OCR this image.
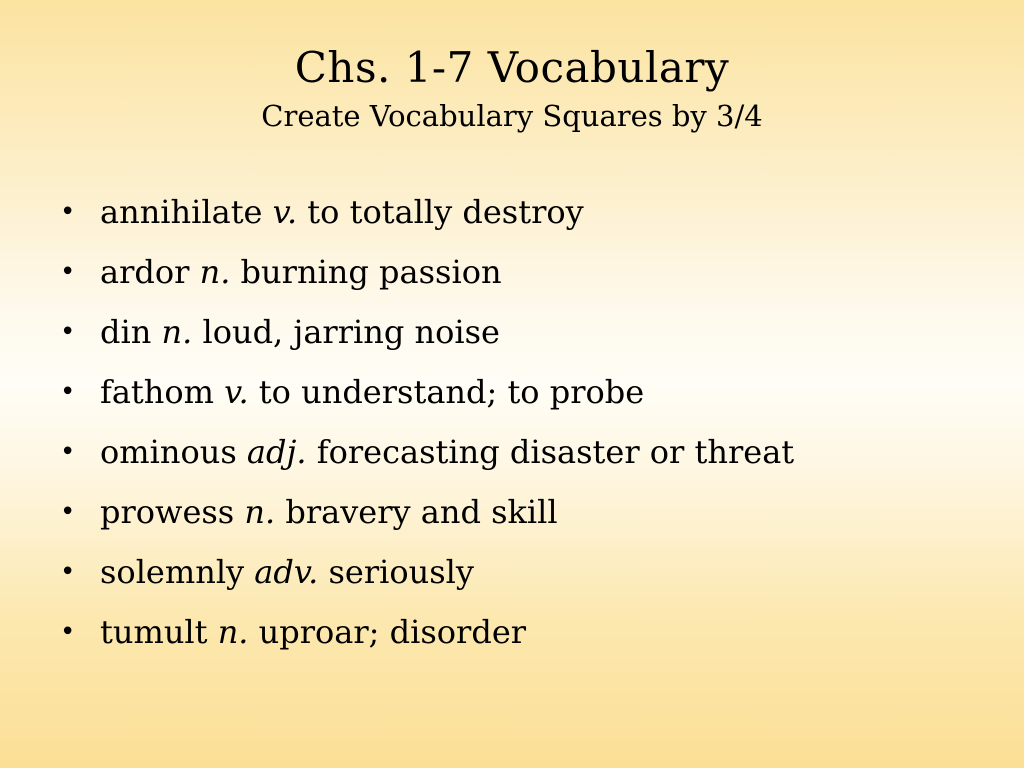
Chs. 1-7 Vocabulary
Create Vocabulary Squares by 3/4
• annihilate v. to totally destroy
• ardor n. burning passion
• din n. loud, jarring noise
• fathom v. to understand; to probe
• ominous adj. forecasting disaster or threat
• prowess n. bravery and skill
• solemnly adv. seriously
• tumult n. uproar; disorder
